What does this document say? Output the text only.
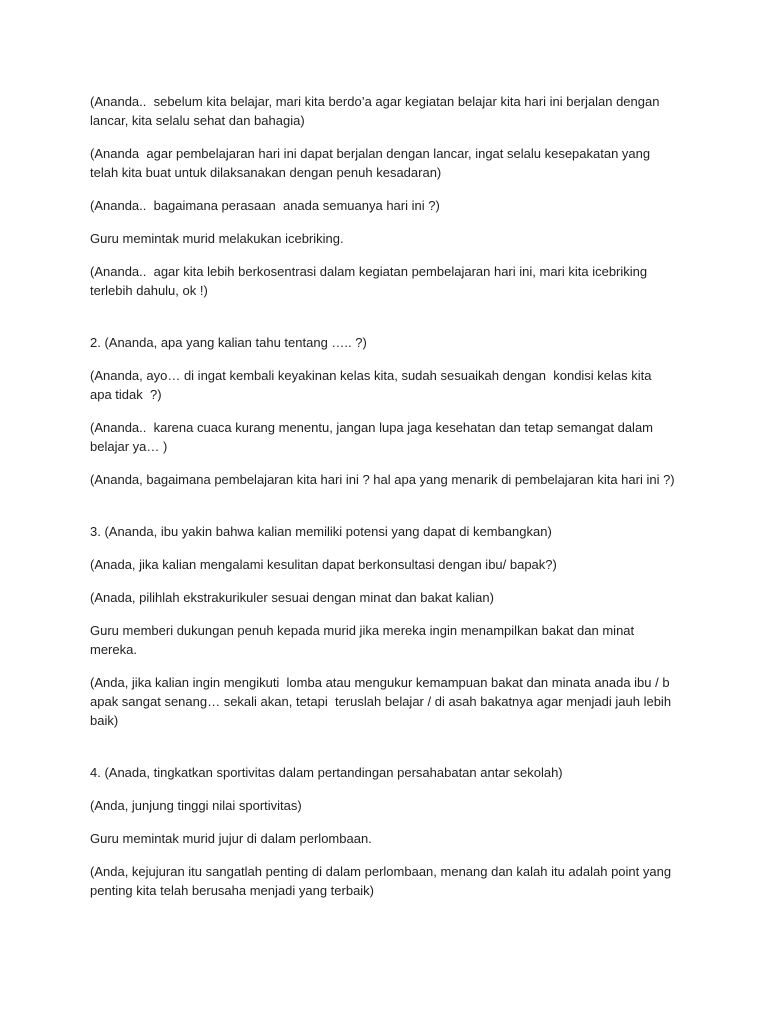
(Ananda..  sebelum kita belajar, mari kita berdo’a agar kegiatan belajar kita hari ini berjalan dengan lancar, kita selalu sehat dan bahagia)

(Ananda  agar pembelajaran hari ini dapat berjalan dengan lancar, ingat selalu kesepakatan yang telah kita buat untuk dilaksanakan dengan penuh kesadaran)

(Ananda..  bagaimana perasaan  anada semuanya hari ini ?)

Guru memintak murid melakukan icebriking.

(Ananda..  agar kita lebih berkosentrasi dalam kegiatan pembelajaran hari ini, mari kita icebriking terlebih dahulu, ok !)

2. (Ananda, apa yang kalian tahu tentang ….. ?)

(Ananda, ayo… di ingat kembali keyakinan kelas kita, sudah sesuaikah dengan  kondisi kelas kita apa tidak  ?)

(Ananda..  karena cuaca kurang menentu, jangan lupa jaga kesehatan dan tetap semangat dalam belajar ya… )

(Ananda, bagaimana pembelajaran kita hari ini ? hal apa yang menarik di pembelajaran kita hari ini ?)

3. (Ananda, ibu yakin bahwa kalian memiliki potensi yang dapat di kembangkan)

(Anada, jika kalian mengalami kesulitan dapat berkonsultasi dengan ibu/ bapak?)

(Anada, pilihlah ekstrakurikuler sesuai dengan minat dan bakat kalian)

Guru memberi dukungan penuh kepada murid jika mereka ingin menampilkan bakat dan minat mereka.

(Anda, jika kalian ingin mengikuti  lomba atau mengukur kemampuan bakat dan minata anada ibu / b apak sangat senang… sekali akan, tetapi  teruslah belajar / di asah bakatnya agar menjadi jauh lebih baik)

4. (Anada, tingkatkan sportivitas dalam pertandingan persahabatan antar sekolah)

(Anda, junjung tinggi nilai sportivitas)

Guru memintak murid jujur di dalam perlombaan.

(Anda, kejujuran itu sangatlah penting di dalam perlombaan, menang dan kalah itu adalah point yang penting kita telah berusaha menjadi yang terbaik)
